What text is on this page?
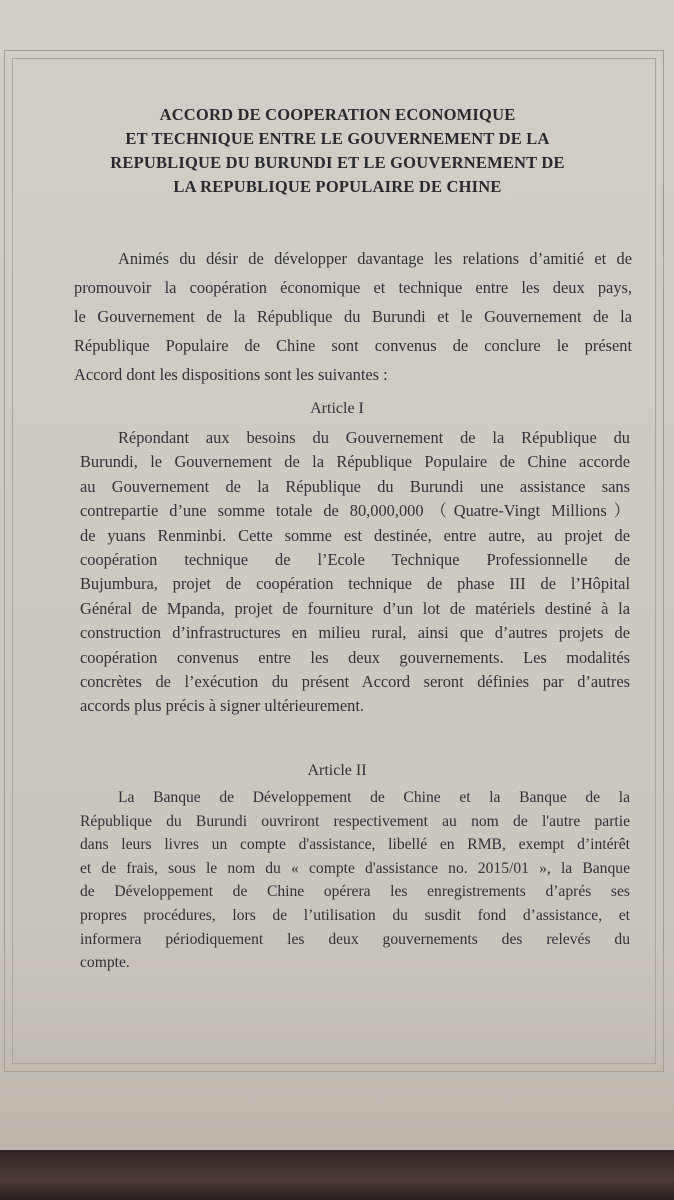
ACCORD DE COOPERATION ECONOMIQUE
ET TECHNIQUE ENTRE LE GOUVERNEMENT DE LA
REPUBLIQUE DU BURUNDI ET LE GOUVERNEMENT DE
LA REPUBLIQUE POPULAIRE DE CHINE
Animés du désir de développer davantage les relations d’amitié et de
promouvoir la coopération économique et technique entre les deux pays,
le Gouvernement de la République du Burundi et le Gouvernement de la
République Populaire de Chine sont convenus de conclure le présent
Accord dont les dispositions sont les suivantes :
Article I
Répondant aux besoins du Gouvernement de la République du
Burundi, le Gouvernement de la République Populaire de Chine accorde
au Gouvernement de la République du Burundi une assistance sans
contrepartie d’une somme totale de 80,000,000（Quatre-Vingt Millions）
de yuans Renminbi. Cette somme est destinée, entre autre, au projet de
coopération technique de l’Ecole Technique Professionnelle de
Bujumbura, projet de coopération technique de phase III de l’Hôpital
Général de Mpanda, projet de fourniture d’un lot de matériels destiné à la
construction d’infrastructures en milieu rural, ainsi que d’autres projets de
coopération convenus entre les deux gouvernements. Les modalités
concrètes de l’exécution du présent Accord seront définies par d’autres
accords plus précis à signer ultérieurement.
Article II
La Banque de Développement de Chine et la Banque de la
République du Burundi ouvriront respectivement au nom de l'autre partie
dans leurs livres un compte d'assistance, libellé en RMB, exempt d’intérêt
et de frais, sous le nom du « compte d'assistance no. 2015/01 », la Banque
de Développement de Chine opérera les enregistrements d’aprés ses
propres procédures, lors de l’utilisation du susdit fond d’assistance, et
informera périodiquement les deux gouvernements des relevés du
compte.
